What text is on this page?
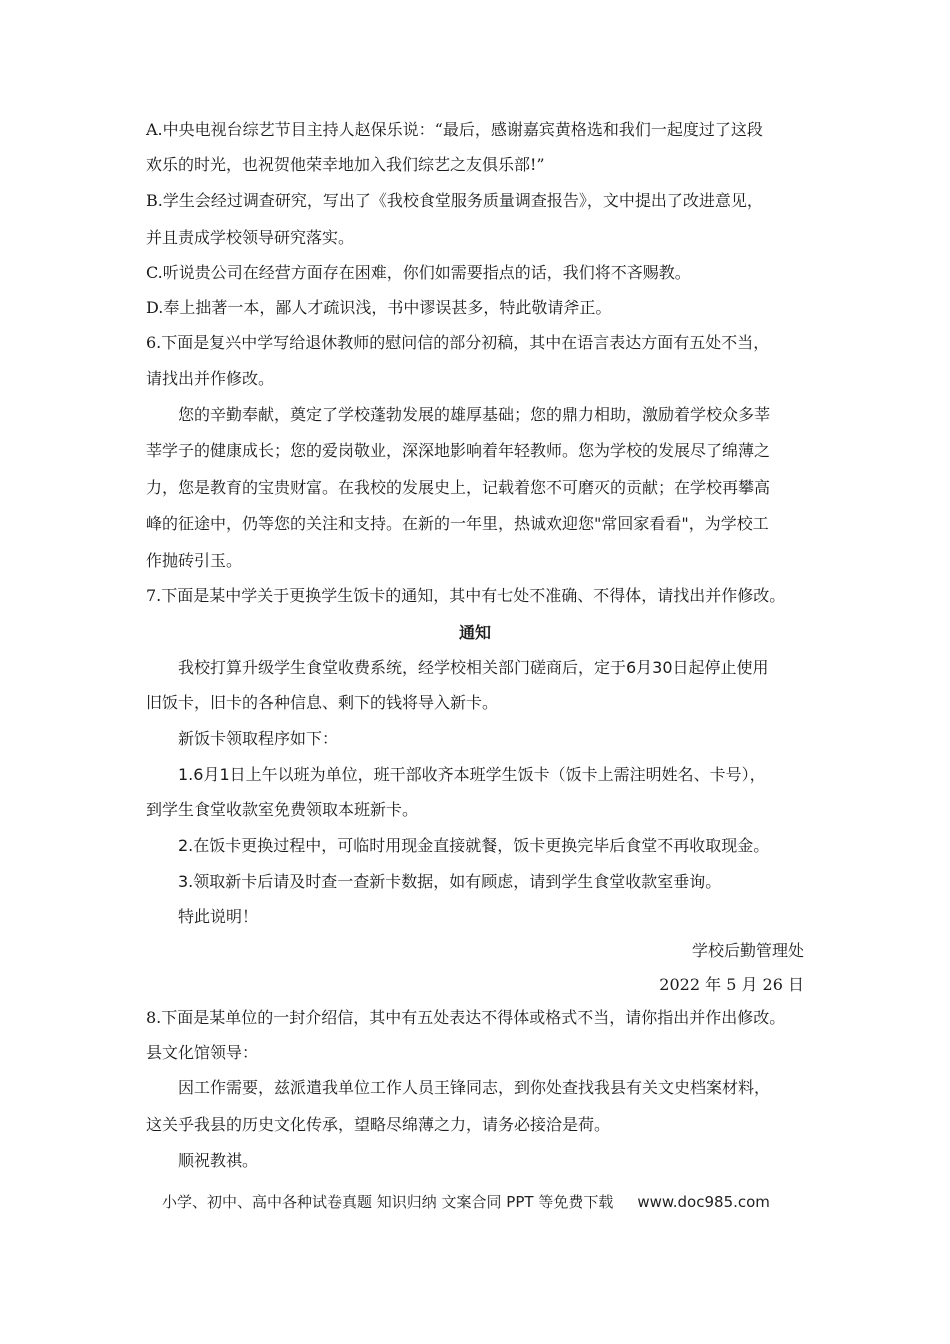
A.中央电视台综艺节目主持人赵保乐说：“最后，感谢嘉宾黄格选和我们一起度过了这段
欢乐的时光，也祝贺他荣幸地加入我们综艺之友俱乐部!”
B.学生会经过调查研究，写出了《我校食堂服务质量调查报告》，文中提出了改进意见，
并且责成学校领导研究落实。
C.听说贵公司在经营方面存在困难，你们如需要指点的话，我们将不吝赐教。
D.奉上拙著一本，鄙人才疏识浅，书中谬误甚多，特此敬请斧正。
6.下面是复兴中学写给退休教师的慰问信的部分初稿，其中在语言表达方面有五处不当，
请找出并作修改。
您的辛勤奉献，奠定了学校蓬勃发展的雄厚基础；您的鼎力相助，激励着学校众多莘
莘学子的健康成长；您的爱岗敬业，深深地影响着年轻教师。您为学校的发展尽了绵薄之
力，您是教育的宝贵财富。在我校的发展史上，记载着您不可磨灭的贡献；在学校再攀高
峰的征途中，仍等您的关注和支持。在新的一年里，热诚欢迎您"常回家看看"，为学校工
作抛砖引玉。
7.下面是某中学关于更换学生饭卡的通知，其中有七处不准确、不得体，请找出并作修改。
通知
我校打算升级学生食堂收费系统，经学校相关部门磋商后，定于6月30日起停止使用
旧饭卡，旧卡的各种信息、剩下的钱将导入新卡。
新饭卡领取程序如下：
1.6月1日上午以班为单位，班干部收齐本班学生饭卡（饭卡上需注明姓名、卡号），
到学生食堂收款室免费领取本班新卡。
2.在饭卡更换过程中，可临时用现金直接就餐，饭卡更换完毕后食堂不再收取现金。
3.领取新卡后请及时查一查新卡数据，如有顾虑，请到学生食堂收款室垂询。
特此说明！
学校后勤管理处
2022 年 5 月 26 日
8.下面是某单位的一封介绍信，其中有五处表达不得体或格式不当，请你指出并作出修改。
县文化馆领导：
因工作需要，兹派遣我单位工作人员王锋同志，到你处查找我县有关文史档案材料，
这关乎我县的历史文化传承，望略尽绵薄之力，请务必接洽是荷。
顺祝教祺。
小学、初中、高中各种试卷真题 知识归纳 文案合同 PPT 等免费下载 www.doc985.com
